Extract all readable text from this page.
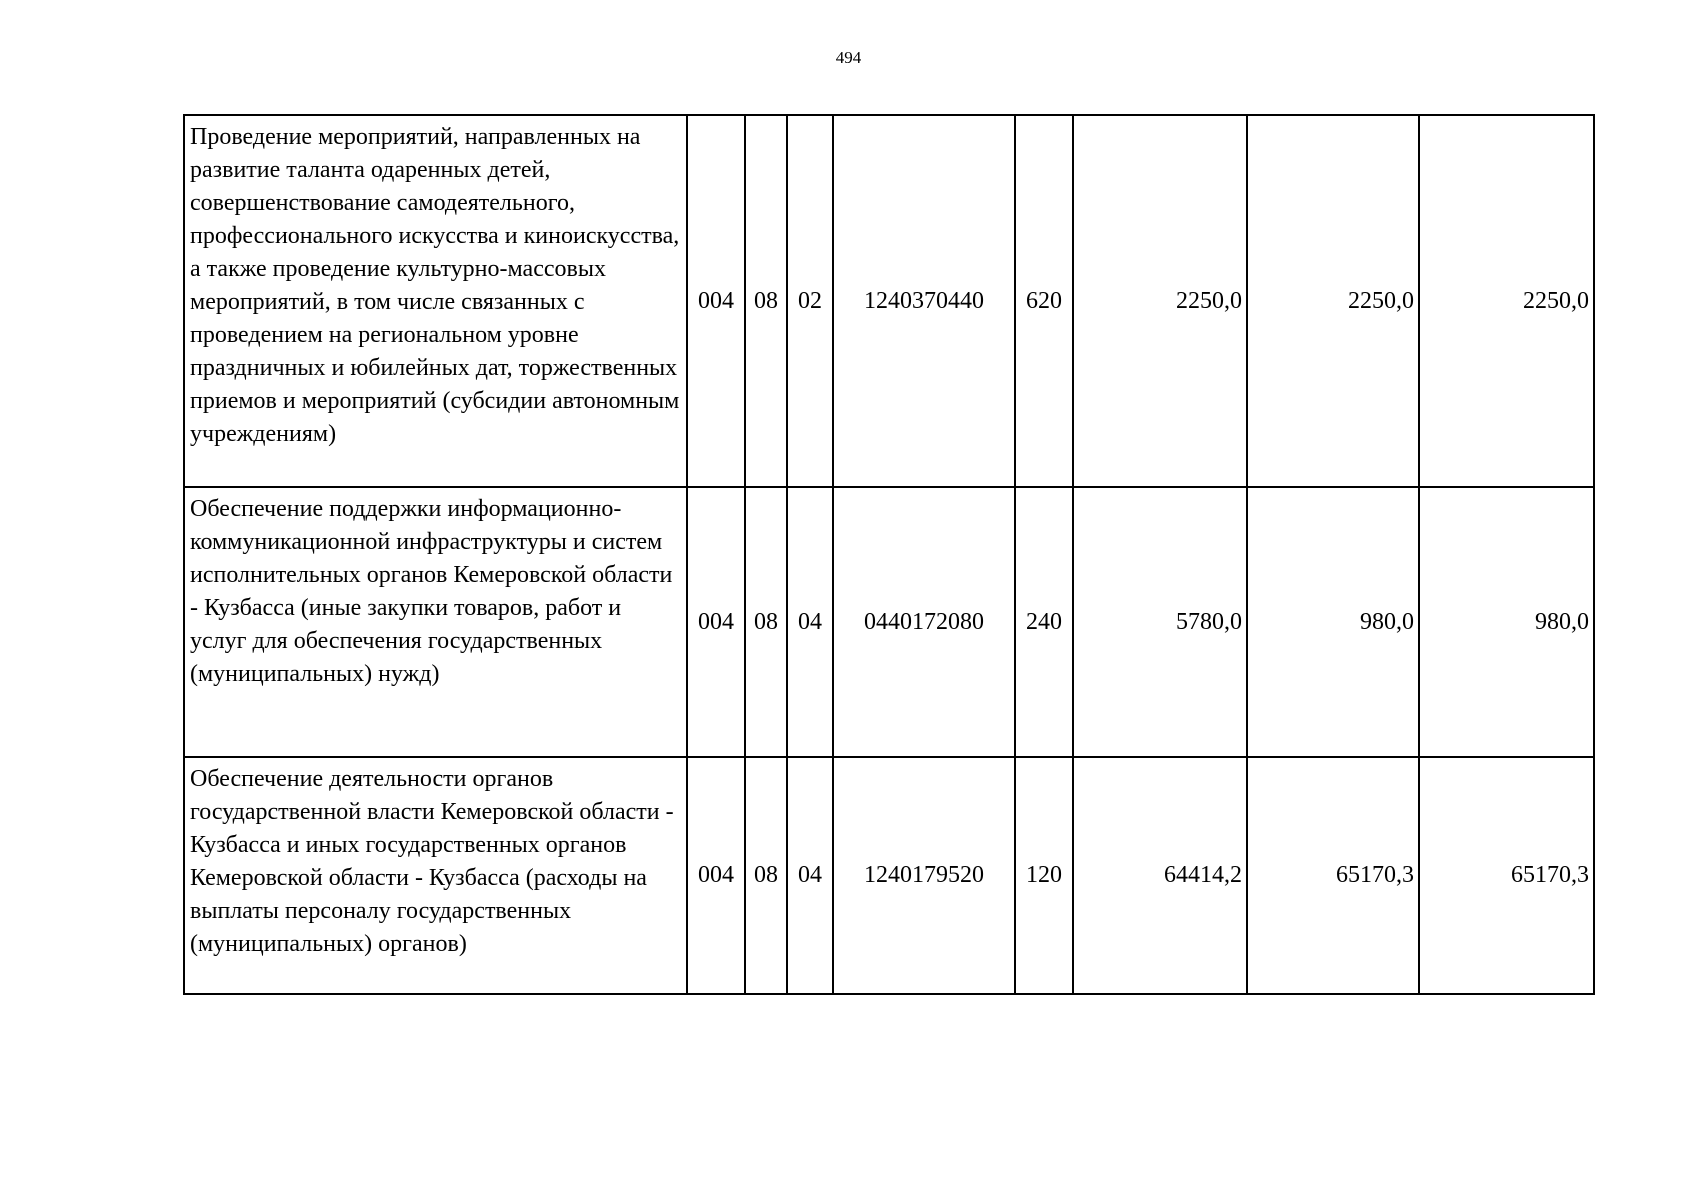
494
Проведение мероприятий, направленных на развитие таланта одаренных детей, совершенствование самодеятельного, профессионального искусства и киноискусства, а также проведение культурно-массовых мероприятий, в том числе связанных с проведением на региональном уровне праздничных и юбилейных дат, торжественных приемов и мероприятий (субсидии автономным учреждениям)	004	08	02	1240370440	620	2250,0	2250,0	2250,0
Обеспечение поддержки информационно-коммуникационной инфраструктуры и систем исполнительных органов Кемеровской области - Кузбасса (иные закупки товаров, работ и услуг для обеспечения государственных (муниципальных) нужд)	004	08	04	0440172080	240	5780,0	980,0	980,0
Обеспечение деятельности органов государственной власти Кемеровской области - Кузбасса и иных государственных органов Кемеровской области - Кузбасса (расходы на выплаты персоналу государственных (муниципальных) органов)	004	08	04	1240179520	120	64414,2	65170,3	65170,3
